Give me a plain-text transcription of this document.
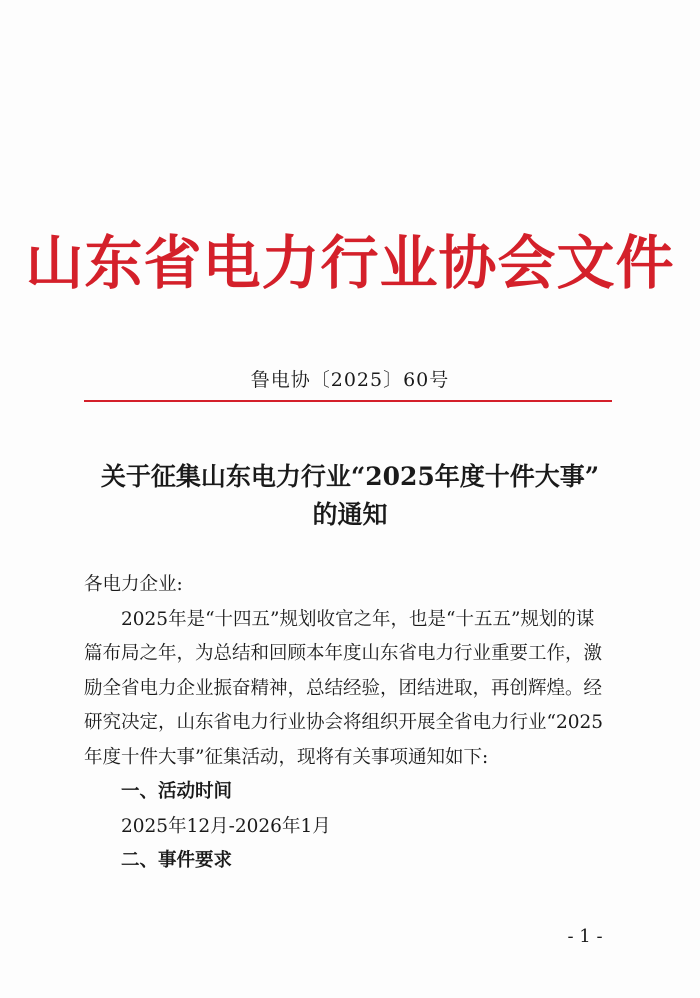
山东省电力行业协会文件

鲁电协〔2025〕60号

关于征集山东电力行业“2025年度十件大事”
的通知

各电力企业:

2025年是“十四五”规划收官之年，也是“十五五”规划的谋篇布局之年，为总结和回顾本年度山东省电力行业重要工作，激励全省电力企业振奋精神，总结经验，团结进取，再创辉煌。经研究决定，山东省电力行业协会将组织开展全省电力行业“2025年度十件大事”征集活动，现将有关事项通知如下:

一、活动时间

2025年12月-2026年1月

二、事件要求

- 1 -
